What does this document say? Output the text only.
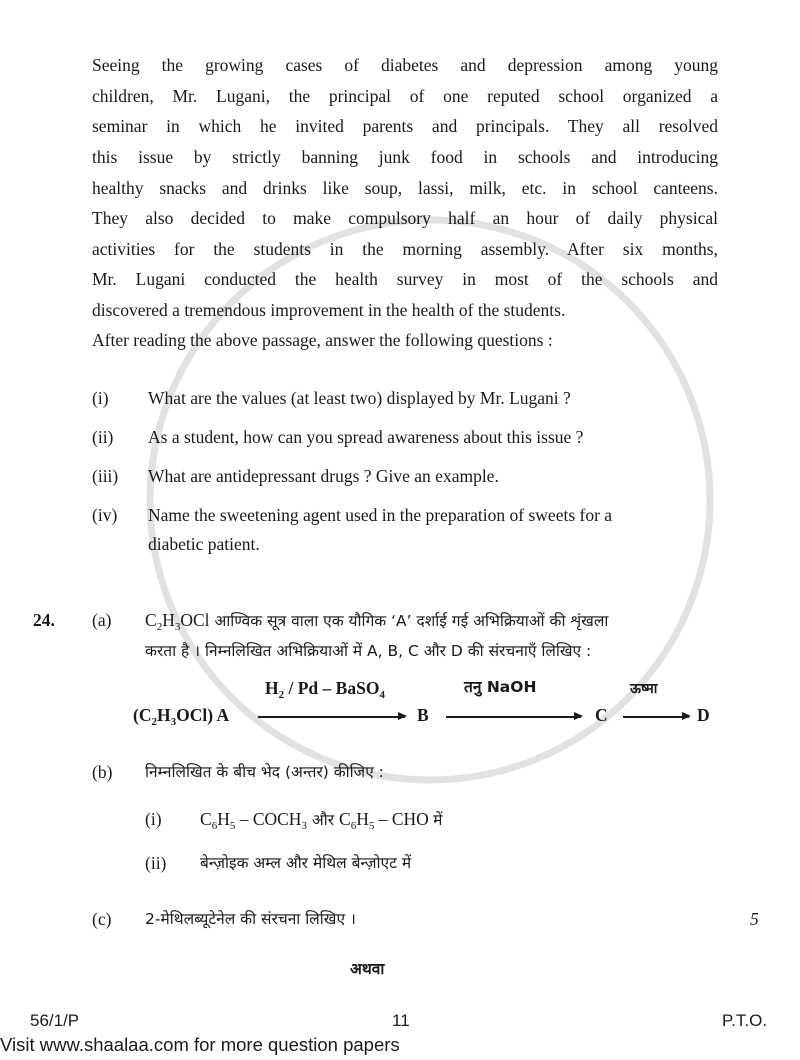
Seeing the growing cases of diabetes and depression among young
children, Mr. Lugani, the principal of one reputed school organized a
seminar in which he invited parents and principals. They all resolved
this issue by strictly banning junk food in schools and introducing
healthy snacks and drinks like soup, lassi, milk, etc. in school canteens.
They also decided to make compulsory half an hour of daily physical
activities for the students in the morning assembly. After six months,
Mr. Lugani conducted the health survey in most of the schools and
discovered a tremendous improvement in the health of the students.
After reading the above passage, answer the following questions :
(i) What are the values (at least two) displayed by Mr. Lugani ?
(ii) As a student, how can you spread awareness about this issue ?
(iii) What are antidepressant drugs ? Give an example.
(iv) Name the sweetening agent used in the preparation of sweets for a
diabetic patient.
24. (a) $C_2H_3OCl$ आण्विक सूत्र वाला एक यौगिक ‘A’ दर्शाई गई अभिक्रियाओं की शृंखला
करता है । निम्नलिखित अभिक्रियाओं में A, B, C और D की संरचनाएँ लिखिए :
$(C_2H_3OCl)$ A
$H_2$ / Pd – BaSO$_4$
B
तनु NaOH
C
ऊष्मा
D
(b) निम्नलिखित के बीच भेद (अन्तर) कीजिए :
(i) $C_6H_5$ – $COCH_3$ और $C_6H_5$ – CHO में
(ii) बेन्ज़ोइक अम्ल और मेथिल बेन्ज़ोएट में
(c) 2-मेथिलब्यूटेनेल की संरचना लिखिए ।	5
अथवा
56/1/P	11	P.T.O.
Visit www.shaalaa.com for more question papers
